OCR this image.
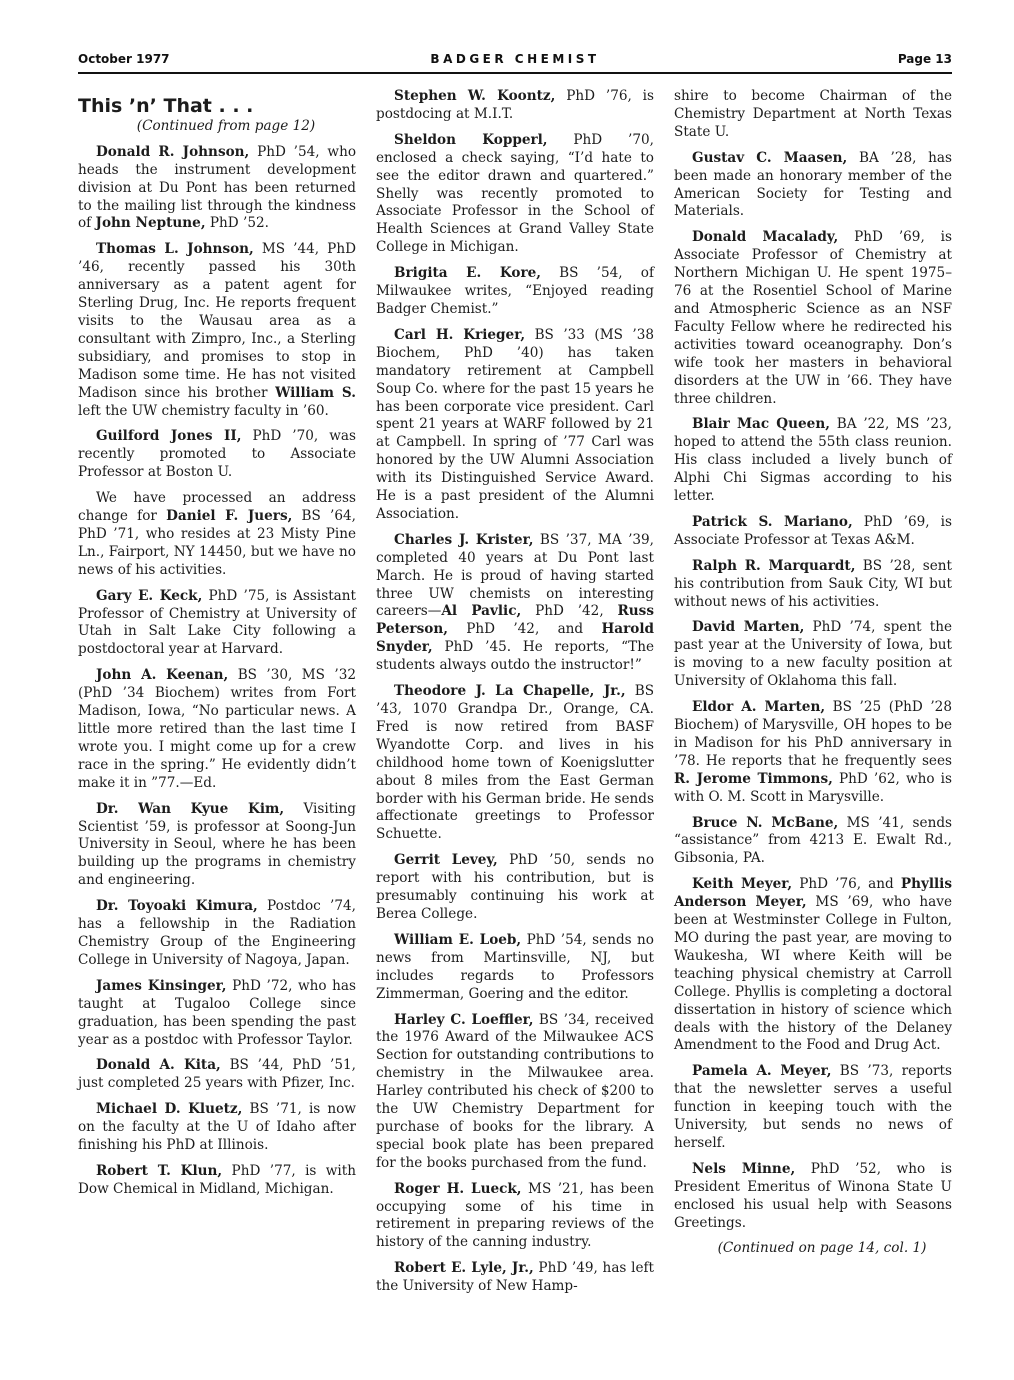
October 1977	BADGER CHEMIST	Page 13
This ’n’ That . . .

(Continued from page 12)

Donald R. Johnson, PhD ’54, who heads the instrument development division at Du Pont has been returned to the mailing list through the kindness of John Neptune, PhD ’52.

Thomas L. Johnson, MS ’44, PhD ’46, recently passed his 30th anniversary as a patent agent for Sterling Drug, Inc. He reports frequent visits to the Wausau area as a consultant with Zimpro, Inc., a Sterling subsidiary, and promises to stop in Madison some time. He has not visited Madison since his brother William S. left the UW chemistry faculty in ’60.

Guilford Jones II, PhD ’70, was recently promoted to Associate Professor at Boston U.

We have processed an address change for Daniel F. Juers, BS ’64, PhD ’71, who resides at 23 Misty Pine Ln., Fairport, NY 14450, but we have no news of his activities.

Gary E. Keck, PhD ’75, is Assistant Professor of Chemistry at University of Utah in Salt Lake City following a postdoctoral year at Harvard.

John A. Keenan, BS ’30, MS ’32 (PhD ’34 Biochem) writes from Fort Madison, Iowa, “No particular news. A little more retired than the last time I wrote you. I might come up for a crew race in the spring.” He evidently didn’t make it in ”77.—Ed.

Dr. Wan Kyue Kim, Visiting Scientist ’59, is professor at Soong-Jun University in Seoul, where he has been building up the programs in chemistry and engineering.

Dr. Toyoaki Kimura, Postdoc ’74, has a fellowship in the Radiation Chemistry Group of the Engineering College in University of Nagoya, Japan.

James Kinsinger, PhD ’72, who has taught at Tugaloo College since graduation, has been spending the past year as a postdoc with Professor Taylor.

Donald A. Kita, BS ’44, PhD ’51, just completed 25 years with Pfizer, Inc.

Michael D. Kluetz, BS ’71, is now on the faculty at the U of Idaho after finishing his PhD at Illinois.

Robert T. Klun, PhD ’77, is with Dow Chemical in Midland, Michigan.

Stephen W. Koontz, PhD ’76, is postdocing at M.I.T.

Sheldon Kopperl, PhD ’70, enclosed a check saying, “I’d hate to see the editor drawn and quartered.” Shelly was recently promoted to Associate Professor in the School of Health Sciences at Grand Valley State College in Michigan.

Brigita E. Kore, BS ’54, of Milwaukee writes, “Enjoyed reading Badger Chemist.”

Carl H. Krieger, BS ’33 (MS ’38 Biochem, PhD ’40) has taken mandatory retirement at Campbell Soup Co. where for the past 15 years he has been corporate vice president. Carl spent 21 years at WARF followed by 21 at Campbell. In spring of ’77 Carl was honored by the UW Alumni Association with its Distinguished Service Award. He is a past president of the Alumni Association.

Charles J. Krister, BS ’37, MA ’39, completed 40 years at Du Pont last March. He is proud of having started three UW chemists on interesting careers—Al Pavlic, PhD ’42, Russ Peterson, PhD ’42, and Harold Snyder, PhD ’45. He reports, “The students always outdo the instructor!”

Theodore J. La Chapelle, Jr., BS ’43, 1070 Grandpa Dr., Orange, CA. Fred is now retired from BASF Wyandotte Corp. and lives in his childhood home town of Koenigslutter about 8 miles from the East German border with his German bride. He sends affectionate greetings to Professor Schuette.

Gerrit Levey, PhD ’50, sends no report with his contribution, but is presumably continuing his work at Berea College.

William E. Loeb, PhD ’54, sends no news from Martinsville, NJ, but includes regards to Professors Zimmerman, Goering and the editor.

Harley C. Loeffler, BS ’34, received the 1976 Award of the Milwaukee ACS Section for outstanding contributions to chemistry in the Milwaukee area. Harley contributed his check of $200 to the UW Chemistry Department for purchase of books for the library. A special book plate has been prepared for the books purchased from the fund.

Roger H. Lueck, MS ’21, has been occupying some of his time in retirement in preparing reviews of the history of the canning industry.

Robert E. Lyle, Jr., PhD ’49, has left the University of New Hamp-

shire to become Chairman of the Chemistry Department at North Texas State U.

Gustav C. Maasen, BA ’28, has been made an honorary member of the American Society for Testing and Materials.

Donald Macalady, PhD ’69, is Associate Professor of Chemistry at Northern Michigan U. He spent 1975–76 at the Rosentiel School of Marine and Atmospheric Science as an NSF Faculty Fellow where he redirected his activities toward oceanography. Don’s wife took her masters in behavioral disorders at the UW in ’66. They have three children.

Blair Mac Queen, BA ’22, MS ’23, hoped to attend the 55th class reunion. His class included a lively bunch of Alphi Chi Sigmas according to his letter.

Patrick S. Mariano, PhD ’69, is Associate Professor at Texas A&M.

Ralph R. Marquardt, BS ’28, sent his contribution from Sauk City, WI but without news of his activities.

David Marten, PhD ’74, spent the past year at the University of Iowa, but is moving to a new faculty position at University of Oklahoma this fall.

Eldor A. Marten, BS ’25 (PhD ’28 Biochem) of Marysville, OH hopes to be in Madison for his PhD anniversary in ’78. He reports that he frequently sees R. Jerome Timmons, PhD ’62, who is with O. M. Scott in Marysville.

Bruce N. McBane, MS ’41, sends “assistance” from 4213 E. Ewalt Rd., Gibsonia, PA.

Keith Meyer, PhD ’76, and Phyllis Anderson Meyer, MS ’69, who have been at Westminster College in Fulton, MO during the past year, are moving to Waukesha, WI where Keith will be teaching physical chemistry at Carroll College. Phyllis is completing a doctoral dissertation in history of science which deals with the history of the Delaney Amendment to the Food and Drug Act.

Pamela A. Meyer, BS ’73, reports that the newsletter serves a useful function in keeping touch with the University, but sends no news of herself.

Nels Minne, PhD ’52, who is President Emeritus of Winona State U enclosed his usual help with Seasons Greetings.

(Continued on page 14, col. 1)
